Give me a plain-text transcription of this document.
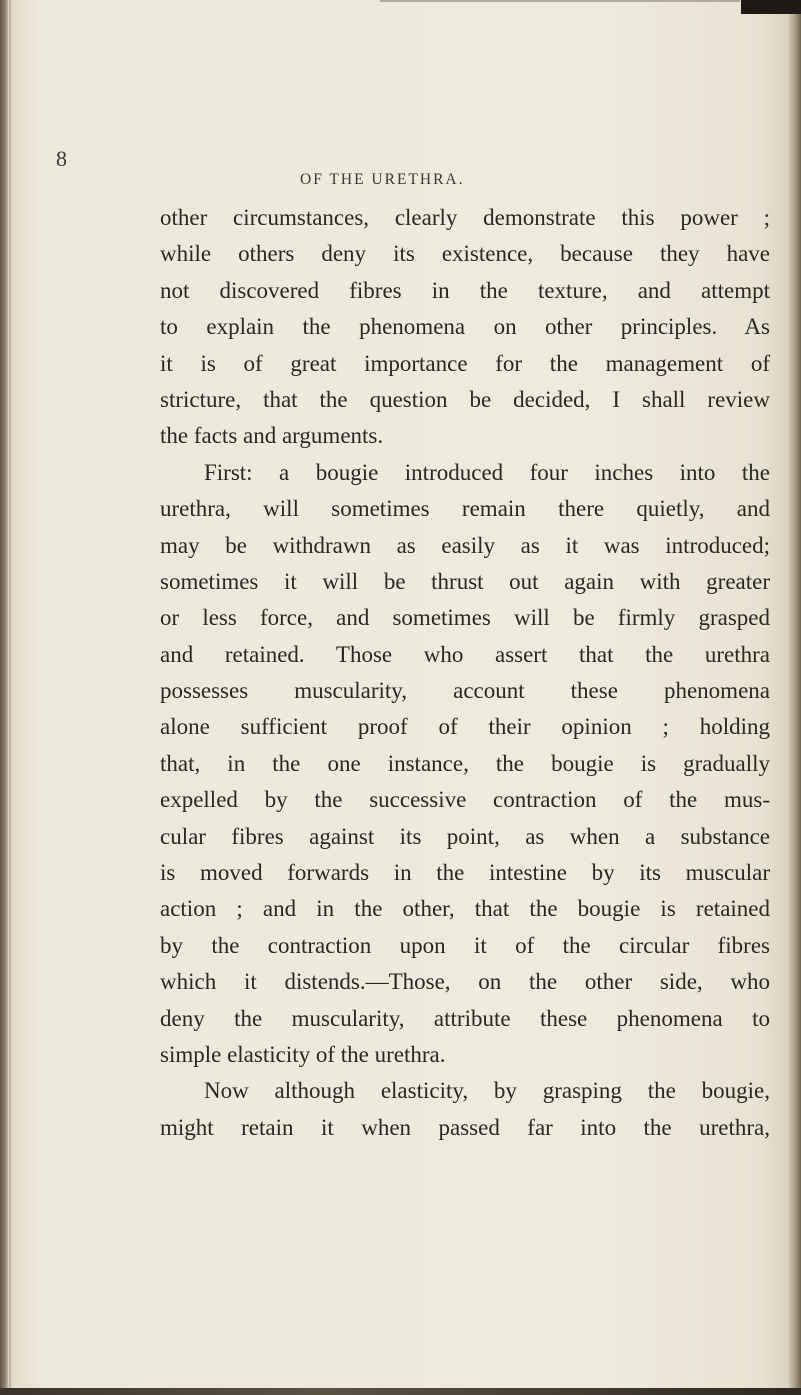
8
OF THE URETHRA.
other circumstances, clearly demonstrate this power ;
while others deny its existence, because they have
not discovered fibres in the texture, and attempt
to explain the phenomena on other principles. As
it is of great importance for the management of
stricture, that the question be decided, I shall review
the facts and arguments.
First: a bougie introduced four inches into the
urethra, will sometimes remain there quietly, and
may be withdrawn as easily as it was introduced;
sometimes it will be thrust out again with greater
or less force, and sometimes will be firmly grasped
and retained. Those who assert that the urethra
possesses muscularity, account these phenomena
alone sufficient proof of their opinion ; holding
that, in the one instance, the bougie is gradually
expelled by the successive contraction of the mus-
cular fibres against its point, as when a substance
is moved forwards in the intestine by its muscular
action ; and in the other, that the bougie is retained
by the contraction upon it of the circular fibres
which it distends.—Those, on the other side, who
deny the muscularity, attribute these phenomena to
simple elasticity of the urethra.
Now although elasticity, by grasping the bougie,
might retain it when passed far into the urethra,
